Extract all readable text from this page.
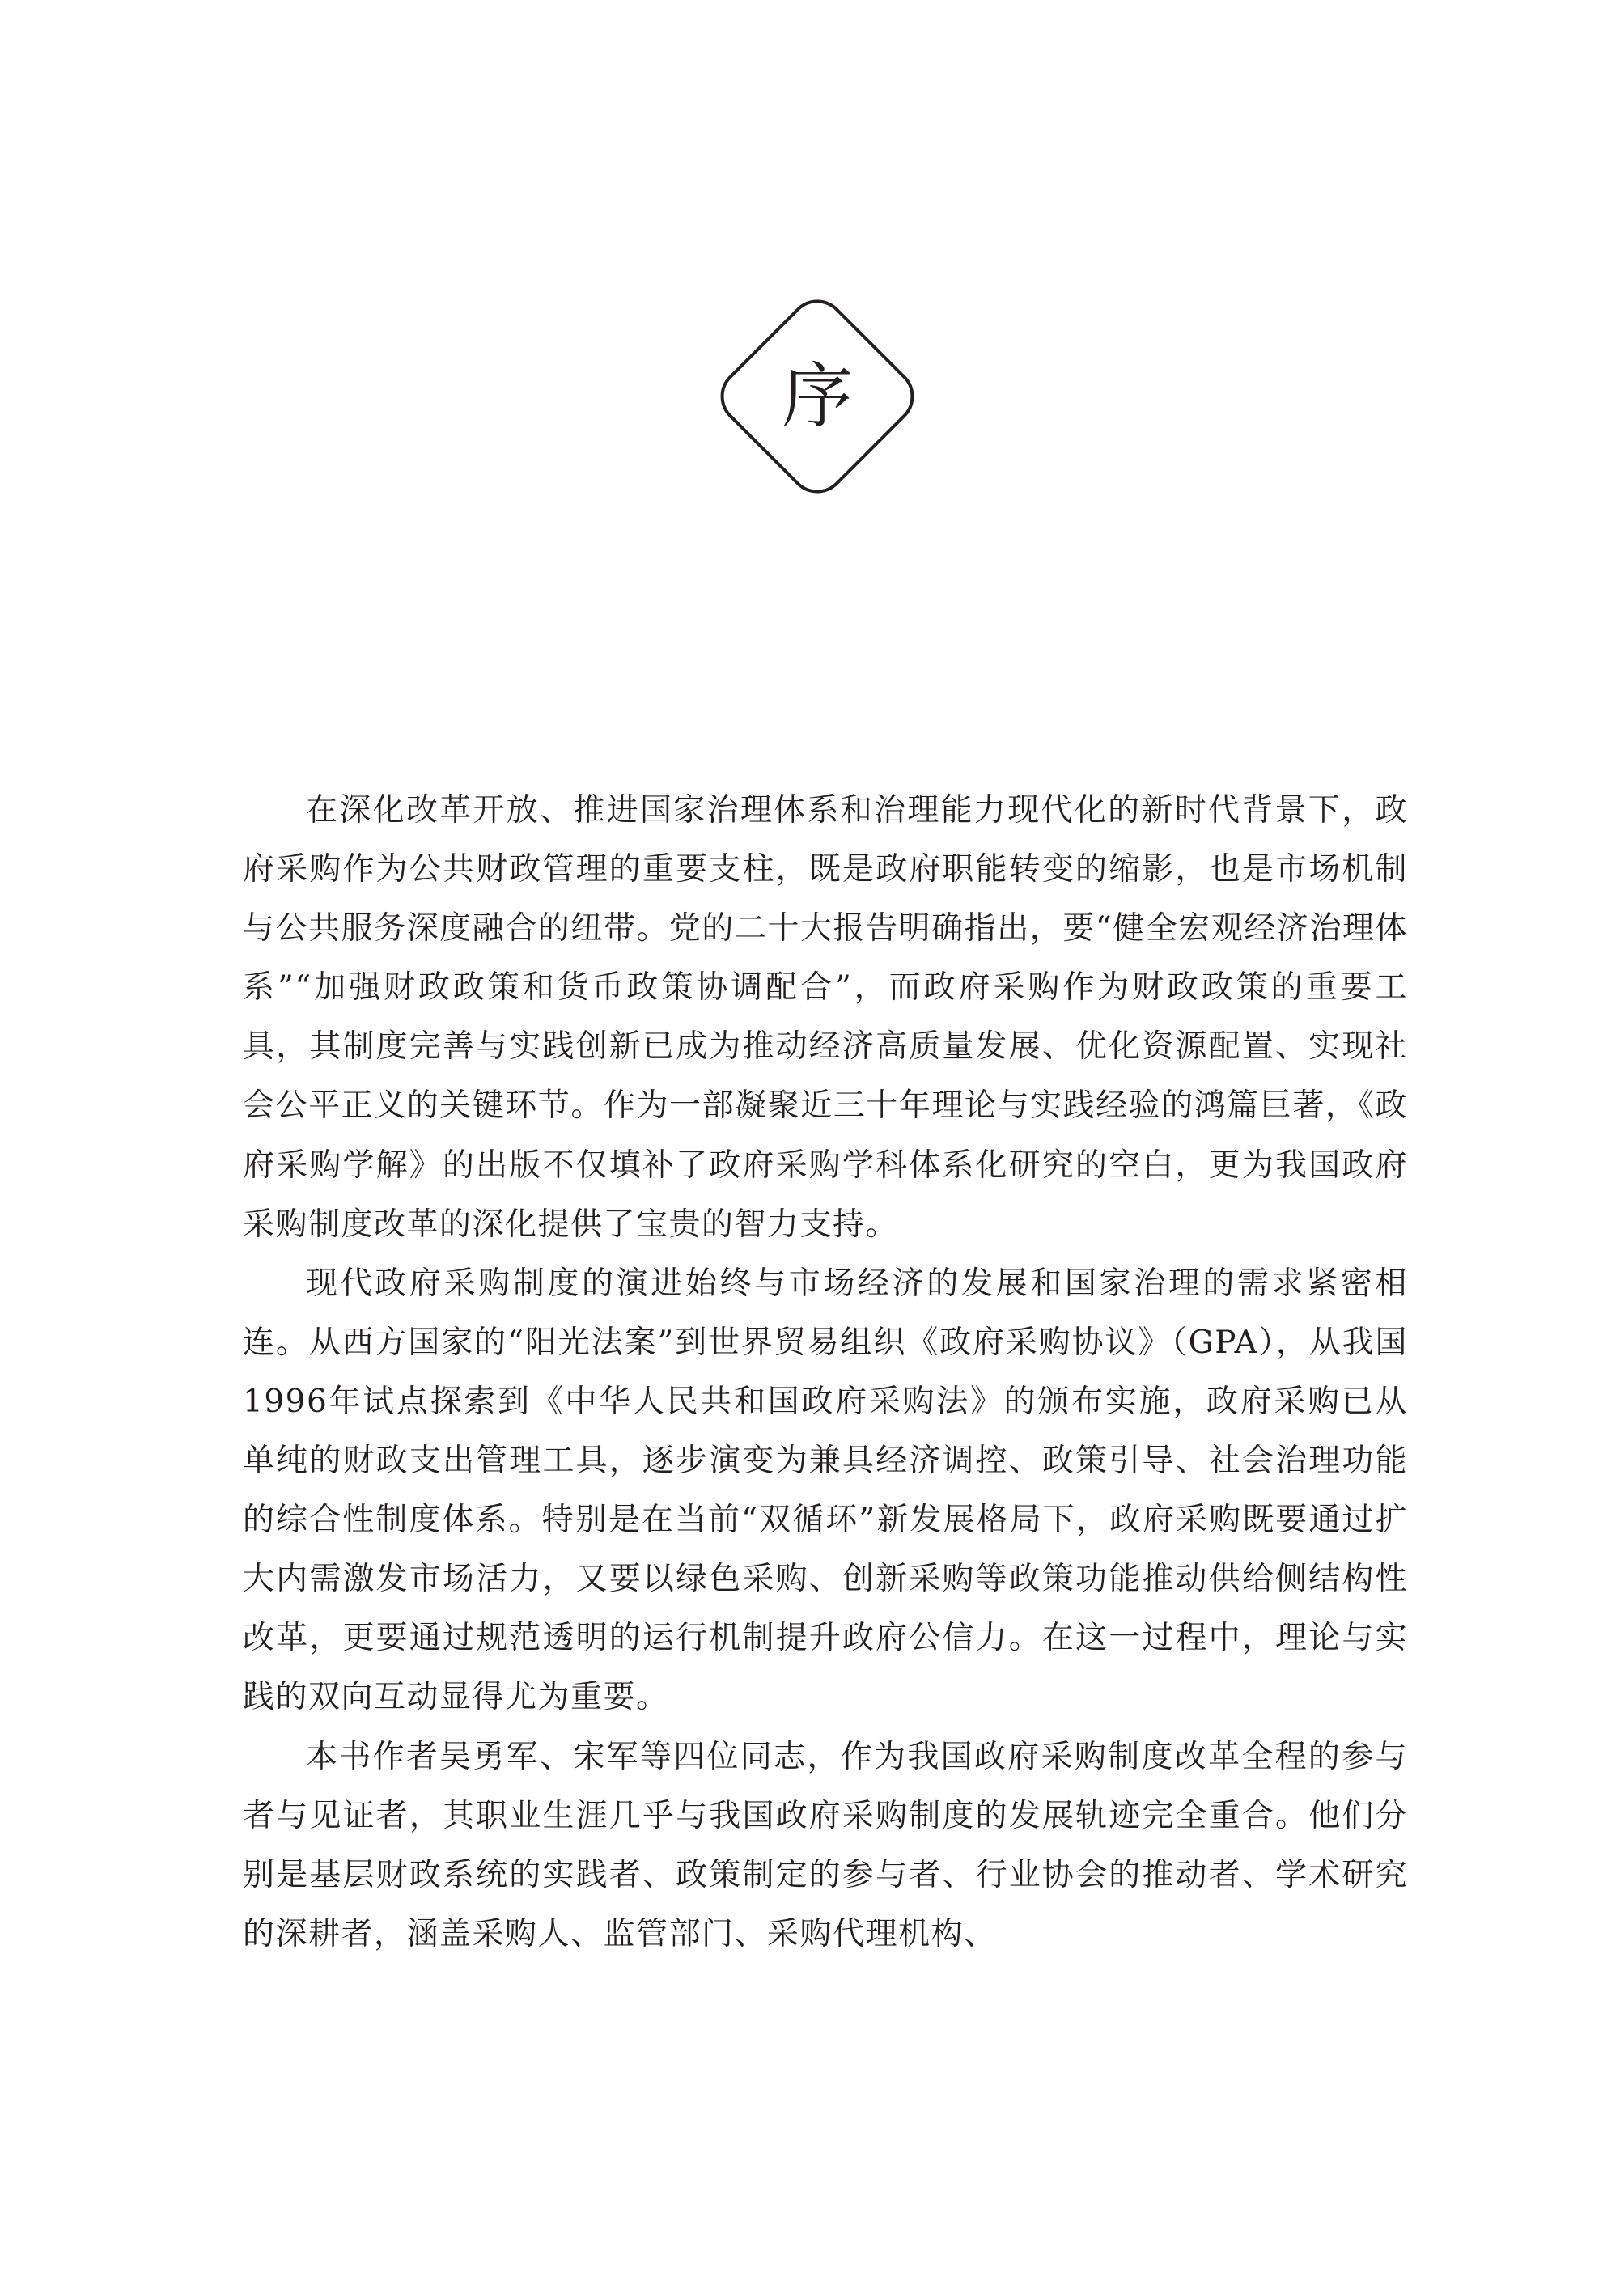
序

在深化改革开放、推进国家治理体系和治理能力现代化的新时代背景下，政府采购作为公共财政管理的重要支柱，既是政府职能转变的缩影，也是市场机制与公共服务深度融合的纽带。党的二十大报告明确指出，要“健全宏观经济治理体系”“加强财政政策和货币政策协调配合”，而政府采购作为财政政策的重要工具，其制度完善与实践创新已成为推动经济高质量发展、优化资源配置、实现社会公平正义的关键环节。作为一部凝聚近三十年理论与实践经验的鸿篇巨著，《政府采购学解》的出版不仅填补了政府采购学科体系化研究的空白，更为我国政府采购制度改革的深化提供了宝贵的智力支持。

现代政府采购制度的演进始终与市场经济的发展和国家治理的需求紧密相连。从西方国家的“阳光法案”到世界贸易组织《政府采购协议》（GPA），从我国1996年试点探索到《中华人民共和国政府采购法》的颁布实施，政府采购已从单纯的财政支出管理工具，逐步演变为兼具经济调控、政策引导、社会治理功能的综合性制度体系。特别是在当前“双循环”新发展格局下，政府采购既要通过扩大内需激发市场活力，又要以绿色采购、创新采购等政策功能推动供给侧结构性改革，更要通过规范透明的运行机制提升政府公信力。在这一过程中，理论与实践的双向互动显得尤为重要。

本书作者吴勇军、宋军等四位同志，作为我国政府采购制度改革全程的参与者与见证者，其职业生涯几乎与我国政府采购制度的发展轨迹完全重合。他们分别是基层财政系统的实践者、政策制定的参与者、行业协会的推动者、学术研究的深耕者，涵盖采购人、监管部门、采购代理机构、
